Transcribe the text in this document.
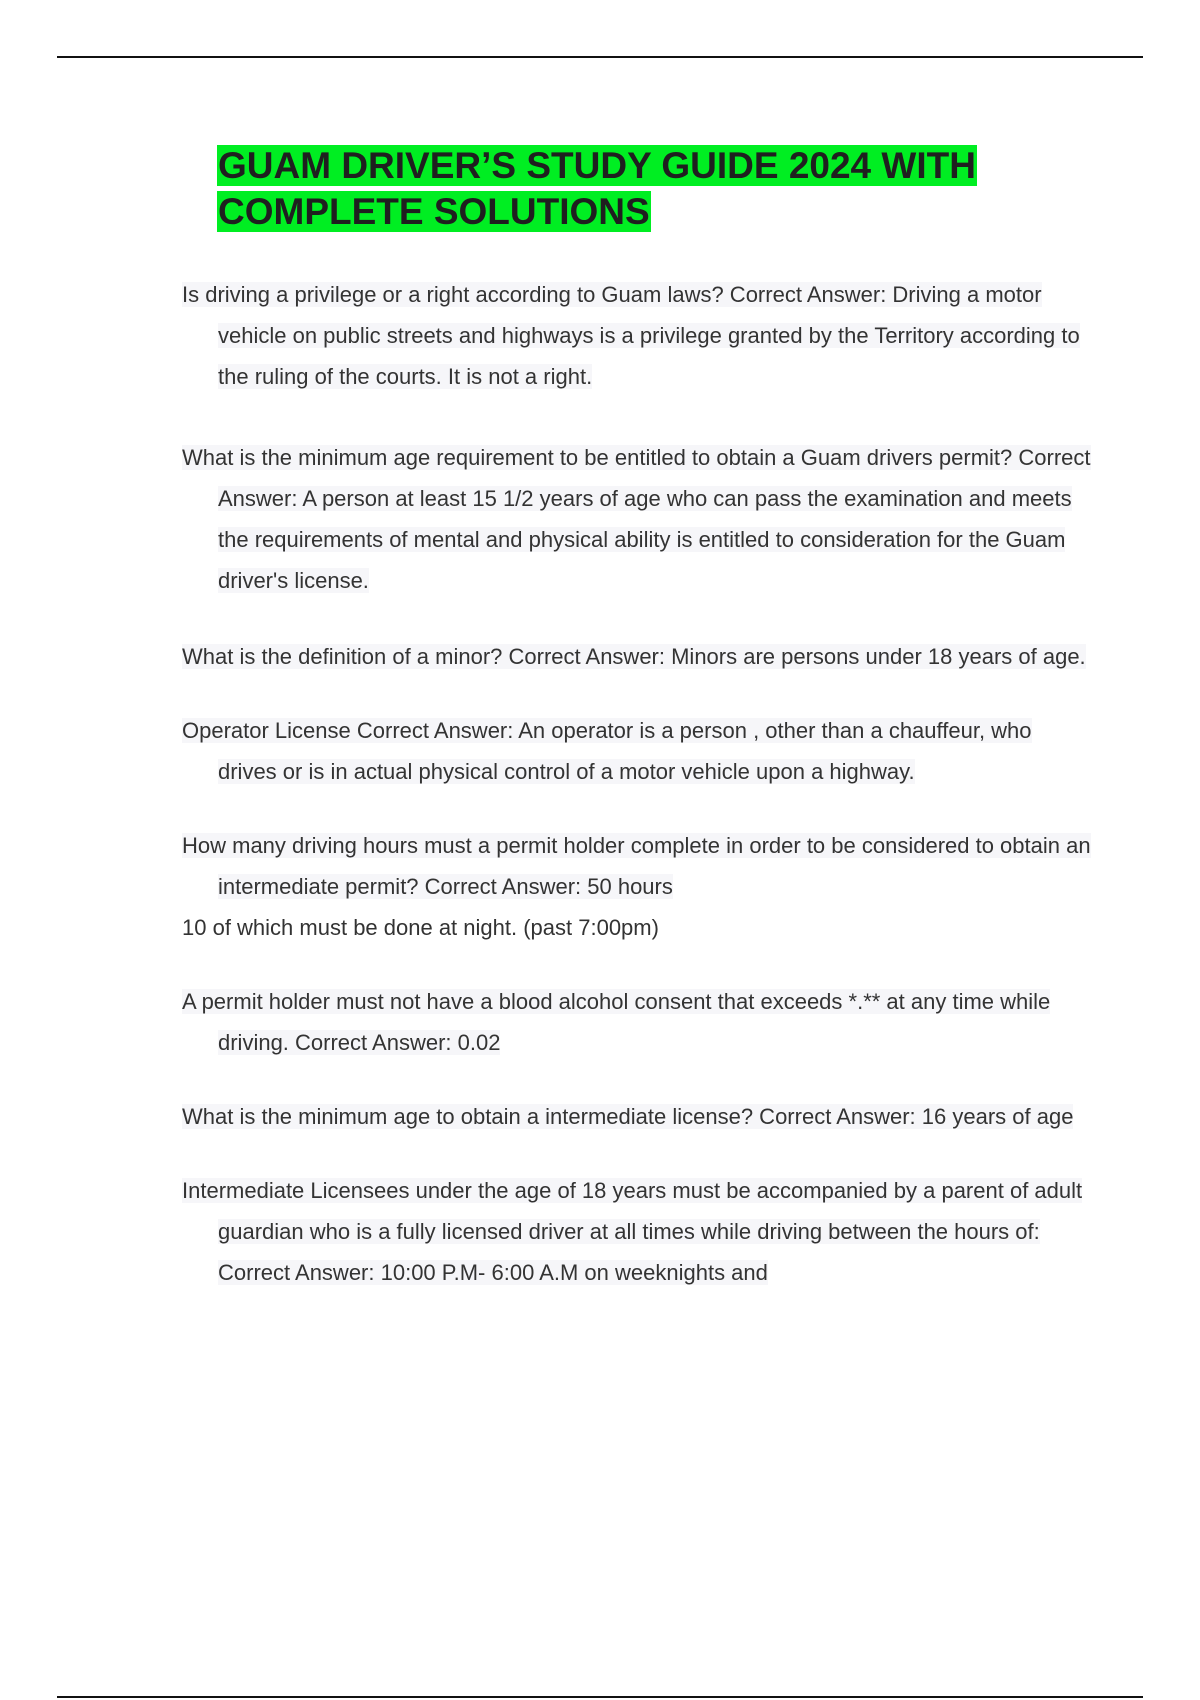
GUAM DRIVER’S STUDY GUIDE 2024 WITH
COMPLETE SOLUTIONS

Is driving a privilege or a right according to Guam laws? Correct Answer: Driving a motor vehicle on public streets and highways is a privilege granted by the Territory according to the ruling of the courts. It is not a right.

What is the minimum age requirement to be entitled to obtain a Guam drivers permit? Correct Answer: A person at least 15 1/2 years of age who can pass the examination and meets the requirements of mental and physical ability is entitled to consideration for the Guam driver's license.

What is the definition of a minor? Correct Answer: Minors are persons under 18 years of age.

Operator License Correct Answer: An operator is a person , other than a chauffeur, who drives or is in actual physical control of a motor vehicle upon a highway.

How many driving hours must a permit holder complete in order to be considered to obtain an intermediate permit? Correct Answer: 50 hours
10 of which must be done at night. (past 7:00pm)

A permit holder must not have a blood alcohol consent that exceeds *.** at any time while driving. Correct Answer: 0.02

What is the minimum age to obtain a intermediate license? Correct Answer: 16 years of age

Intermediate Licensees under the age of 18 years must be accompanied by a parent of adult guardian who is a fully licensed driver at all times while driving between the hours of: Correct Answer: 10:00 P.M- 6:00 A.M on weeknights and
